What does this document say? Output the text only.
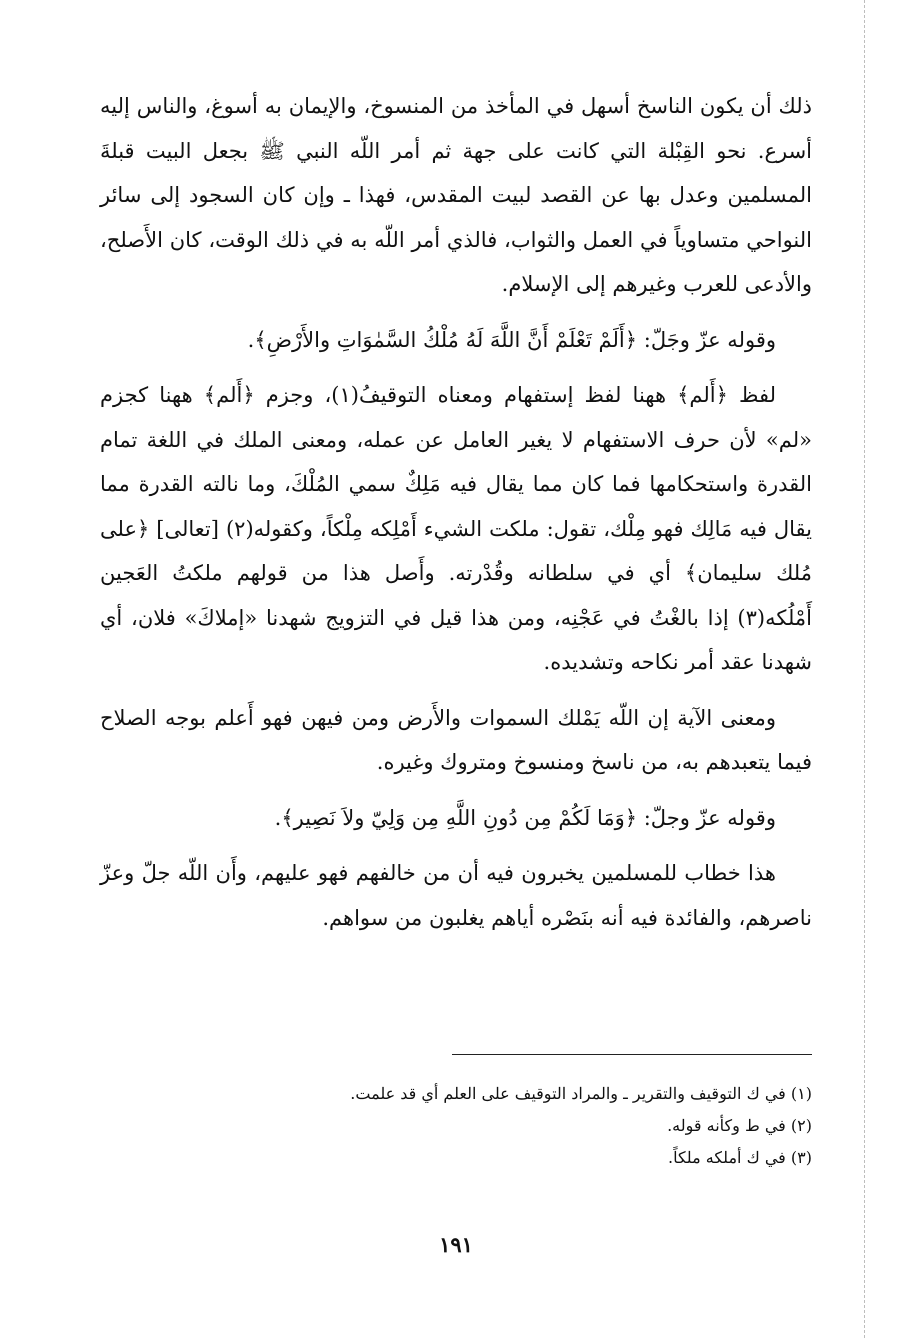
ذلك أن يكون الناسخ أسهل في المأخذ من المنسوخ، والإيمان به أسوغ، والناس إليه أسرع. نحو القِبْلة التي كانت على جهة ثم أمر اللّه النبي ﷺ بجعل البيت قبلةَ المسلمين وعدل بها عن القصد لبيت المقدس، فهذا ـ وإن كان السجود إلى سائر النواحي متساوياً في العمل والثواب، فالذي أمر اللّه به في ذلك الوقت، كان الأَصلح، والأدعى للعرب وغيرهم إلى الإسلام.

وقوله عزّ وجَلّ: ﴿أَلَمْ تَعْلَمْ أَنَّ اللَّهَ لَهُ مُلْكُ السَّمٰوَاتِ والأَرْضِ﴾.

لفظ ﴿أَلم﴾ ههنا لفظ إستفهام ومعناه التوقيفُ(١)، وجزم ﴿أَلم﴾ ههنا كجزم «لم» لأن حرف الاستفهام لا يغير العامل عن عمله، ومعنى الملك في اللغة تمام القدرة واستحكامها فما كان مما يقال فيه مَلِكٌ سمي المُلْكَ، وما نالته القدرة مما يقال فيه مَالِك فهو مِلْك، تقول: ملكت الشيء أَمْلِكه مِلْكاً، وكقوله(٢) [تعالى] ﴿على مُلك سليمان﴾ أي في سلطانه وقُدْرته. وأَصل هذا من قولهم ملكتُ العَجين أَمْلُكه(٣) إذا بالغْتُ في عَجْنِه، ومن هذا قيل في التزويج شهدنا «إملاكَ» فلان، أي شهدنا عقد أمر نكاحه وتشديده.

ومعنى الآية إن اللّه يَمْلك السموات والأَرض ومن فيهن فهو أَعلم بوجه الصلاح فيما يتعبدهم به، من ناسخ ومنسوخ ومتروك وغيره.

وقوله عزّ وجلّ: ﴿وَمَا لَكُمْ مِن دُونِ اللَّهِ مِن وَلِيّ ولاَ نَصِير﴾.

هذا خطاب للمسلمين يخبرون فيه أن من خالفهم فهو عليهم، وأَن اللّه جلّ وعزّ ناصرهم، والفائدة فيه أنه بنَصْره أياهم يغلبون من سواهم.

(١) في ك التوقيف والتقرير ـ والمراد التوقيف على العلم أي قد علمت.

(٢) في ط وكأنه قوله.

(٣) في ك أملكه ملكاً.

١٩١
